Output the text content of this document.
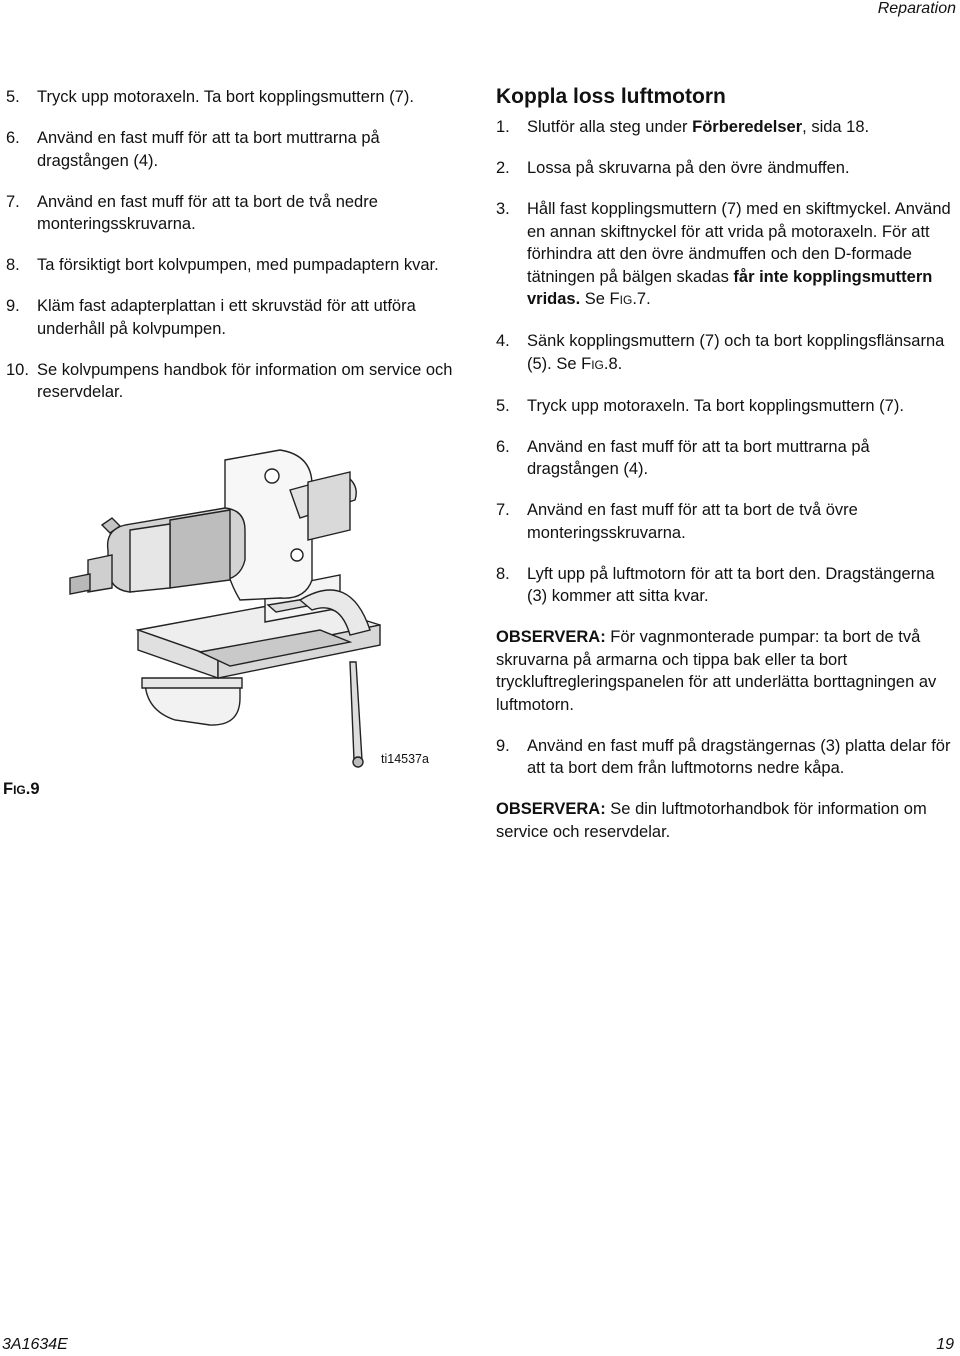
Reparation
5.	Tryck upp motoraxeln. Ta bort kopplingsmuttern (7).
6.	Använd en fast muff för att ta bort muttrarna på dragstången (4).
7.	Använd en fast muff för att ta bort de två nedre monteringsskruvarna.
8.	Ta försiktigt bort kolvpumpen, med pumpadaptern kvar.
9.	Kläm fast adapterplattan i ett skruvstäd för att utföra underhåll på kolvpumpen.
10. Se kolvpumpens handbok för information om service och reservdelar.
FIG.9
ti14537a
Koppla loss luftmotorn
1.	Slutför alla steg under Förberedelser, sida 18.
2.	Lossa på skruvarna på den övre ändmuffen.
3.	Håll fast kopplingsmuttern (7) med en skiftmyckel. Använd en annan skiftnyckel för att vrida på motoraxeln. För att förhindra att den övre ändmuffen och den D-formade tätningen på bälgen skadas får inte kopplingsmuttern vridas. Se FIG.7.
4.	Sänk kopplingsmuttern (7) och ta bort kopplingsflänsarna (5). Se FIG.8.
5.	Tryck upp motoraxeln. Ta bort kopplingsmuttern (7).
6.	Använd en fast muff för att ta bort muttrarna på dragstången (4).
7.	Använd en fast muff för att ta bort de två övre monteringsskruvarna.
8.	Lyft upp på luftmotorn för att ta bort den. Dragstängerna (3) kommer att sitta kvar.
OBSERVERA: För vagnmonterade pumpar: ta bort de två skruvarna på armarna och tippa bak eller ta bort tryckluftregleringspanelen för att underlätta borttagningen av luftmotorn.
9.	Använd en fast muff på dragstängernas (3) platta delar för att ta bort dem från luftmotorns nedre kåpa.
OBSERVERA: Se din luftmotorhandbok för information om service och reservdelar.
3A1634E	19
